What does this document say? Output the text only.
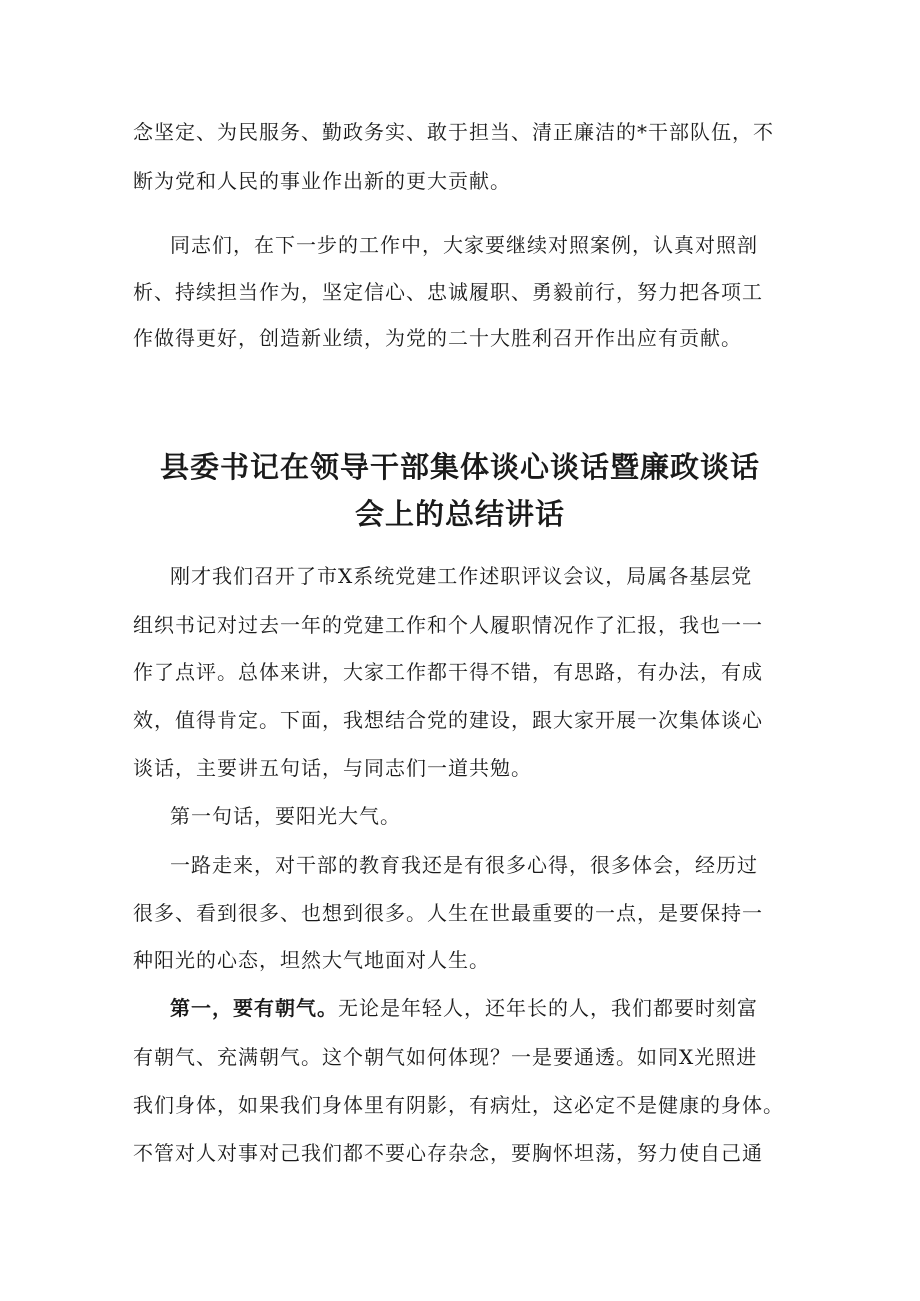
念坚定、为民服务、勤政务实、敢于担当、清正廉洁的*干部队伍，不

断为党和人民的事业作出新的更大贡献。

同志们，在下一步的工作中，大家要继续对照案例，认真对照剖

析、持续担当作为，坚定信心、忠诚履职、勇毅前行，努力把各项工

作做得更好，创造新业绩，为党的二十大胜利召开作出应有贡献。

县委书记在领导干部集体谈心谈话暨廉政谈话
会上的总结讲话

刚才我们召开了市X系统党建工作述职评议会议，局属各基层党

组织书记对过去一年的党建工作和个人履职情况作了汇报，我也一一

作了点评。总体来讲，大家工作都干得不错，有思路，有办法，有成

效，值得肯定。下面，我想结合党的建设，跟大家开展一次集体谈心

谈话，主要讲五句话，与同志们一道共勉。

第一句话，要阳光大气。

一路走来，对干部的教育我还是有很多心得，很多体会，经历过

很多、看到很多、也想到很多。人生在世最重要的一点，是要保持一

种阳光的心态，坦然大气地面对人生。

第一，要有朝气。无论是年轻人，还年长的人，我们都要时刻富

有朝气、充满朝气。这个朝气如何体现？一是要通透。如同X光照进

我们身体，如果我们身体里有阴影，有病灶，这必定不是健康的身体。

不管对人对事对己我们都不要心存杂念，要胸怀坦荡，努力使自己通
